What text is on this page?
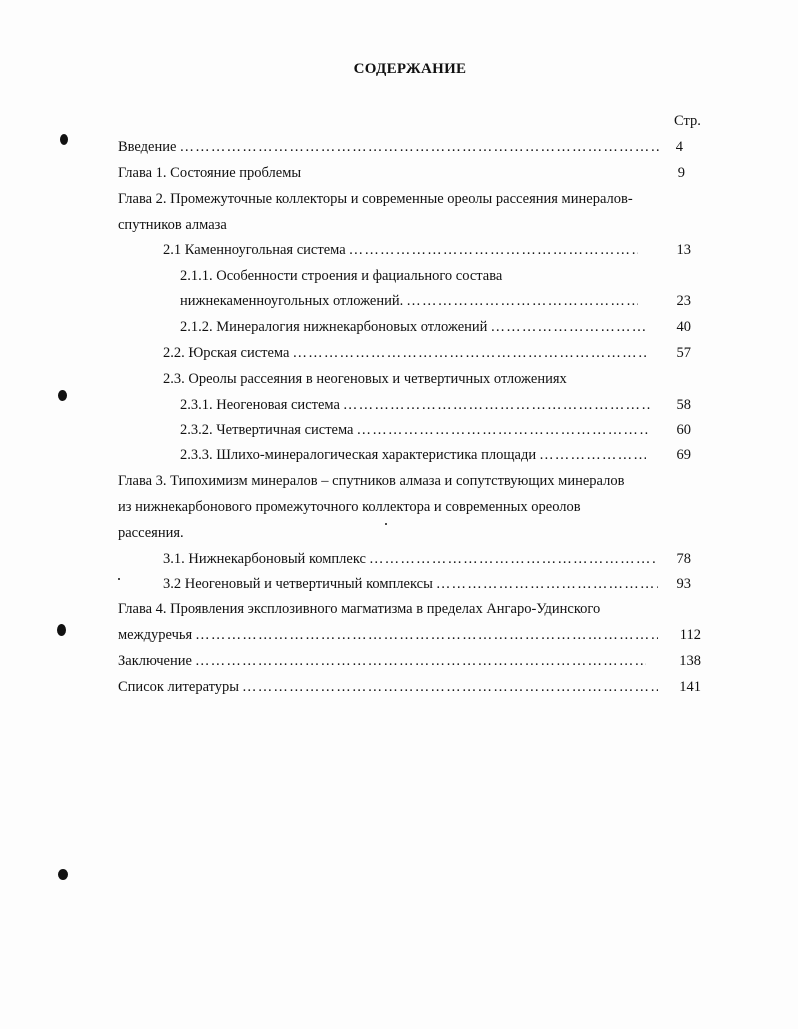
СОДЕРЖАНИЕ
Стр.
Введение ……………………………………………………………………………………………………………………………………………………………………………………………………………………	4
Глава 1. Состояние проблемы	9
Глава 2. Промежуточные коллекторы и современные ореолы рассеяния минералов-
спутников алмаза
2.1 Каменноугольная система ……………………………………………………………………………………………………………………………………………………………………………………………………………………	13
2.1.1. Особенности строения и фациального состава
нижнекаменноугольных отложений. ……………………………………………………………………………………………………………………………………………………………………………………………………………………	23
2.1.2. Минералогия нижнекарбоновых отложений ……………………………………………………………………………………………………………………………………………………………………………………………………………………	40
2.2. Юрская система ……………………………………………………………………………………………………………………………………………………………………………………………………………………	57
2.3. Ореолы рассеяния в неогеновых и четвертичных отложениях
2.3.1. Неогеновая система ……………………………………………………………………………………………………………………………………………………………………………………………………………………	58
2.3.2. Четвертичная система ……………………………………………………………………………………………………………………………………………………………………………………………………………………	60
2.3.3. Шлихо-минералогическая характеристика площади ……………………………………………………………………………………………………………………………………………………………………………………………………………………	69
Глава 3. Типохимизм минералов – спутников алмаза и сопутствующих минералов
из нижнекарбонового промежуточного коллектора и современных ореолов
рассеяния.
3.1. Нижнекарбоновый комплекс ……………………………………………………………………………………………………………………………………………………………………………………………………………………	78
3.2 Неогеновый и четвертичный комплексы ……………………………………………………………………………………………………………………………………………………………………………………………………………………	93
Глава 4. Проявления эксплозивного магматизма в пределах Ангаро-Удинского
междуречья ……………………………………………………………………………………………………………………………………………………………………………………………………………………	112
Заключение ……………………………………………………………………………………………………………………………………………………………………………………………………………………	138
Список литературы ……………………………………………………………………………………………………………………………………………………………………………………………………………………	141
